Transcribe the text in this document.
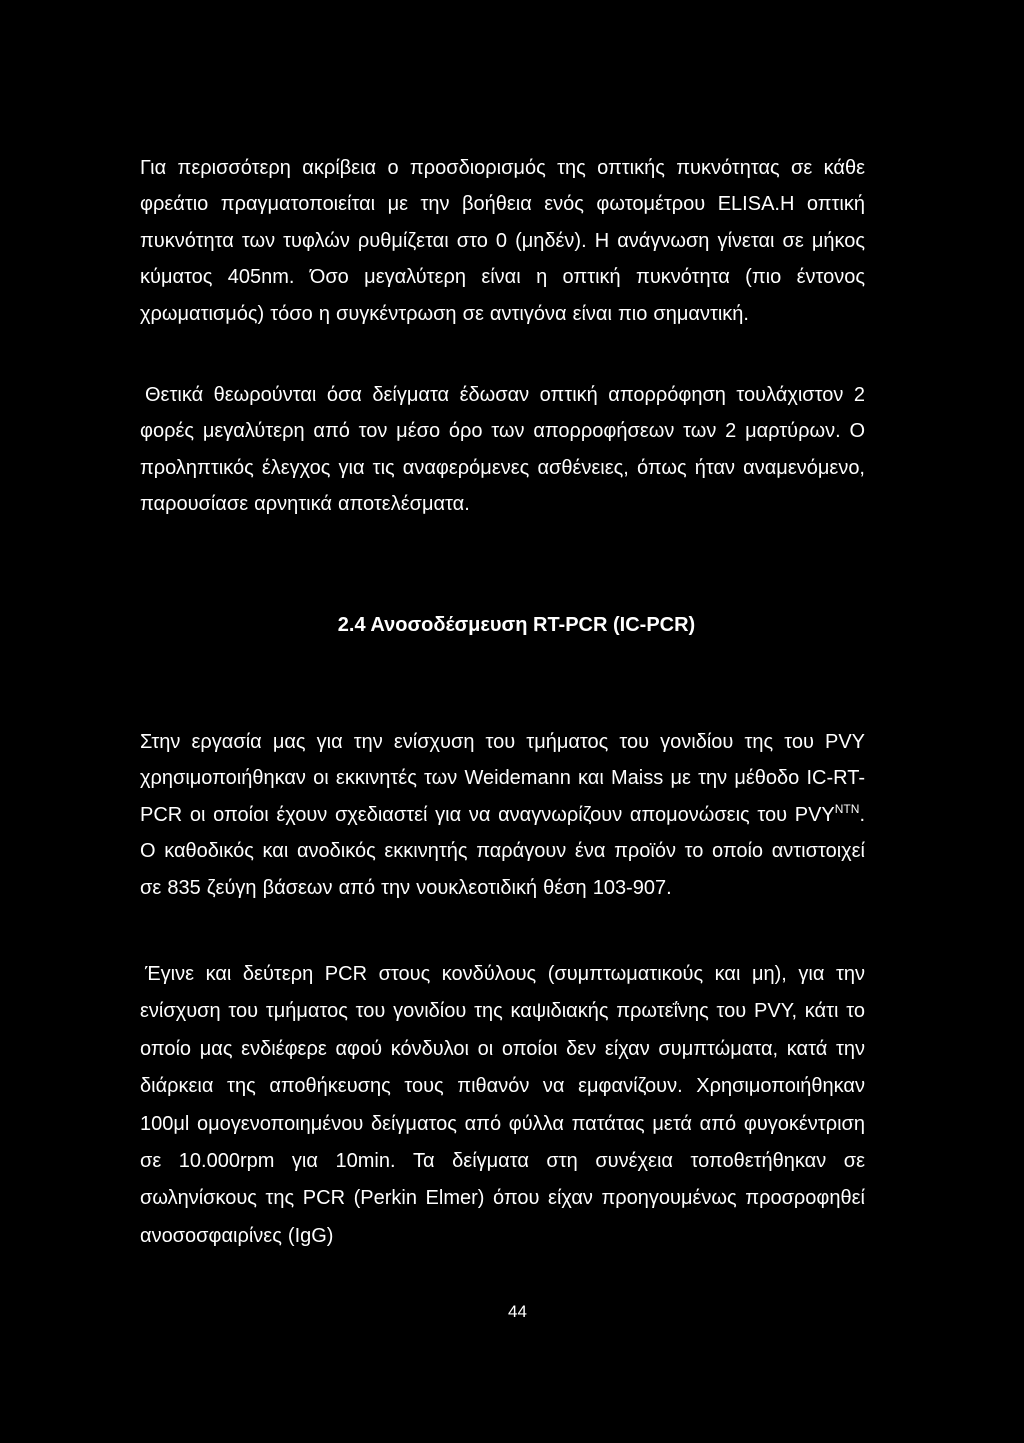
Για περισσότερη ακρίβεια ο προσδιορισμός της οπτικής πυκνότητας σε κάθε φρεάτιο πραγματοποιείται με την βοήθεια ενός φωτομέτρου ELISA.Η οπτική πυκνότητα των τυφλών ρυθμίζεται στο 0 (μηδέν). Η ανάγνωση γίνεται σε μήκος κύματος 405nm. Όσο μεγαλύτερη είναι η οπτική πυκνότητα (πιο έντονος χρωματισμός) τόσο η συγκέντρωση σε αντιγόνα είναι πιο σημαντική.

Θετικά θεωρούνται όσα δείγματα έδωσαν οπτική απορρόφηση τουλάχιστον 2 φορές μεγαλύτερη από τον μέσο όρο των απορροφήσεων των 2 μαρτύρων. Ο προληπτικός έλεγχος για τις αναφερόμενες ασθένειες, όπως ήταν αναμενόμενο, παρουσίασε αρνητικά αποτελέσματα.

2.4 Ανοσοδέσμευση RT-PCR (IC-PCR)

Στην εργασία μας για την ενίσχυση του τμήματος του γονιδίου της του PVY χρησιμοποιήθηκαν οι εκκινητές των Weidemann και Maiss με την μέθοδο IC-RT-PCR οι οποίοι έχουν σχεδιαστεί για να αναγνωρίζουν απομονώσεις του $PVY^{NTN}$. Ο καθοδικός και ανοδικός εκκινητής παράγουν ένα προϊόν το οποίο αντιστοιχεί σε 835 ζεύγη βάσεων από την νουκλεοτιδική θέση 103-907.

Έγινε και δεύτερη PCR στους κονδύλους (συμπτωματικούς και μη), για την ενίσχυση του τμήματος του γονιδίου της καψιδιακής πρωτεΐνης του PVY, κάτι το οποίο μας ενδιέφερε αφού κόνδυλοι οι οποίοι δεν είχαν συμπτώματα, κατά την διάρκεια της αποθήκευσης τους πιθανόν να εμφανίζουν. Χρησιμοποιήθηκαν 100μl ομογενοποιημένου δείγματος από φύλλα πατάτας μετά από φυγοκέντριση σε 10.000rpm για 10min. Τα δείγματα στη συνέχεια τοποθετήθηκαν σε σωληνίσκους της PCR (Perkin Elmer) όπου είχαν προηγουμένως προσροφηθεί ανοσοσφαιρίνες (IgG)

44
